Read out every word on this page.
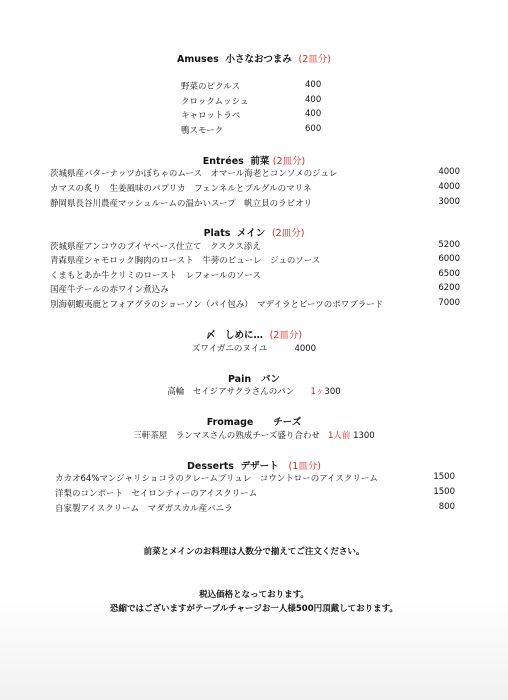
Amuses 小さなおつまみ (2皿分)
野菜のピクルス	400
クロックムッシュ	400
キャロットラペ	400
鴨スモーク	600
Entrées 前菜 (2皿分)
茨城県産バターナッツかぼちゃのムース　オマール海老とコンソメのジュレ	4000
カマスの炙り　生姜風味のパプリカ　フェンネルとブルグルのマリネ	4000
静岡県長谷川農産マッシュルームの温かいスープ　帆立貝のラビオリ	3000
Plats メイン (2皿分)
茨城県産アンコウのブイヤベース仕立て　クスクス添え	5200
青森県産シャモロック胸肉のロースト　牛蒡のピューレ　ジュのソース	6000
くまもとあか牛クリミのロースト　レフォールのソース	6500
国産牛テールの赤ワイン煮込み	6200
別海朝蝦夷鹿とフォアグラのショーソン（パイ包み）　マデイラとビーツのポワブラード	7000
〆　しめに… (2皿分)
ズワイガニのヌイユ	4000
Pain パン
高輪　セイジアサクラさんのパン 1ヶ300
Fromage チーズ
三軒茶屋　ランマスさんの熟成チーズ盛り合わせ 1人前 1300
Desserts デザート (1皿分)
カカオ64%マンジャリショコラのクレームブリュレ　コウントローのアイスクリーム	1500
洋梨のコンポート　セイロンティーのアイスクリーム	1500
自家製アイスクリーム　マダガスカル産バニラ	800
前菜とメインのお料理は人数分で揃えてご注文ください。
税込価格となっております。
恐縮ではございますがテーブルチャージお一人様500円頂戴しております。
